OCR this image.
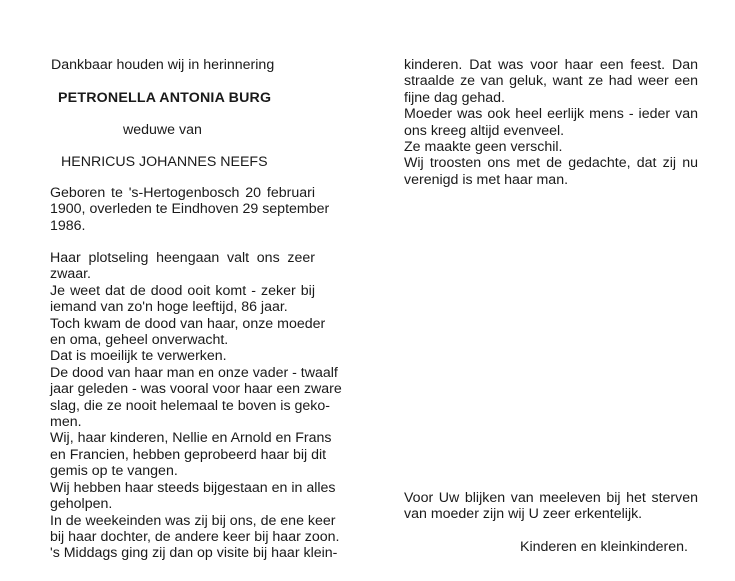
Dankbaar houden wij in herinnering
PETRONELLA ANTONIA BURG
weduwe van
HENRICUS JOHANNES NEEFS
Geboren te 's-Hertogenbosch 20 februari
1900, overleden te Eindhoven 29 september
1986.
Haar plotseling heengaan valt ons zeer
zwaar.
Je weet dat de dood ooit komt - zeker bij
iemand van zo'n hoge leeftijd, 86 jaar.
Toch kwam de dood van haar, onze moeder
en oma, geheel onverwacht.
Dat is moeilijk te verwerken.
De dood van haar man en onze vader - twaalf
jaar geleden - was vooral voor haar een zware
slag, die ze nooit helemaal te boven is geko-
men.
Wij, haar kinderen, Nellie en Arnold en Frans
en Francien, hebben geprobeerd haar bij dit
gemis op te vangen.
Wij hebben haar steeds bijgestaan en in alles
geholpen.
In de weekeinden was zij bij ons, de ene keer
bij haar dochter, de andere keer bij haar zoon.
's Middags ging zij dan op visite bij haar klein-
kinderen. Dat was voor haar een feest. Dan
straalde ze van geluk, want ze had weer een
fijne dag gehad.
Moeder was ook heel eerlijk mens - ieder van
ons kreeg altijd evenveel.
Ze maakte geen verschil.
Wij troosten ons met de gedachte, dat zij nu
verenigd is met haar man.
Voor Uw blijken van meeleven bij het sterven
van moeder zijn wij U zeer erkentelijk.
Kinderen en kleinkinderen.
